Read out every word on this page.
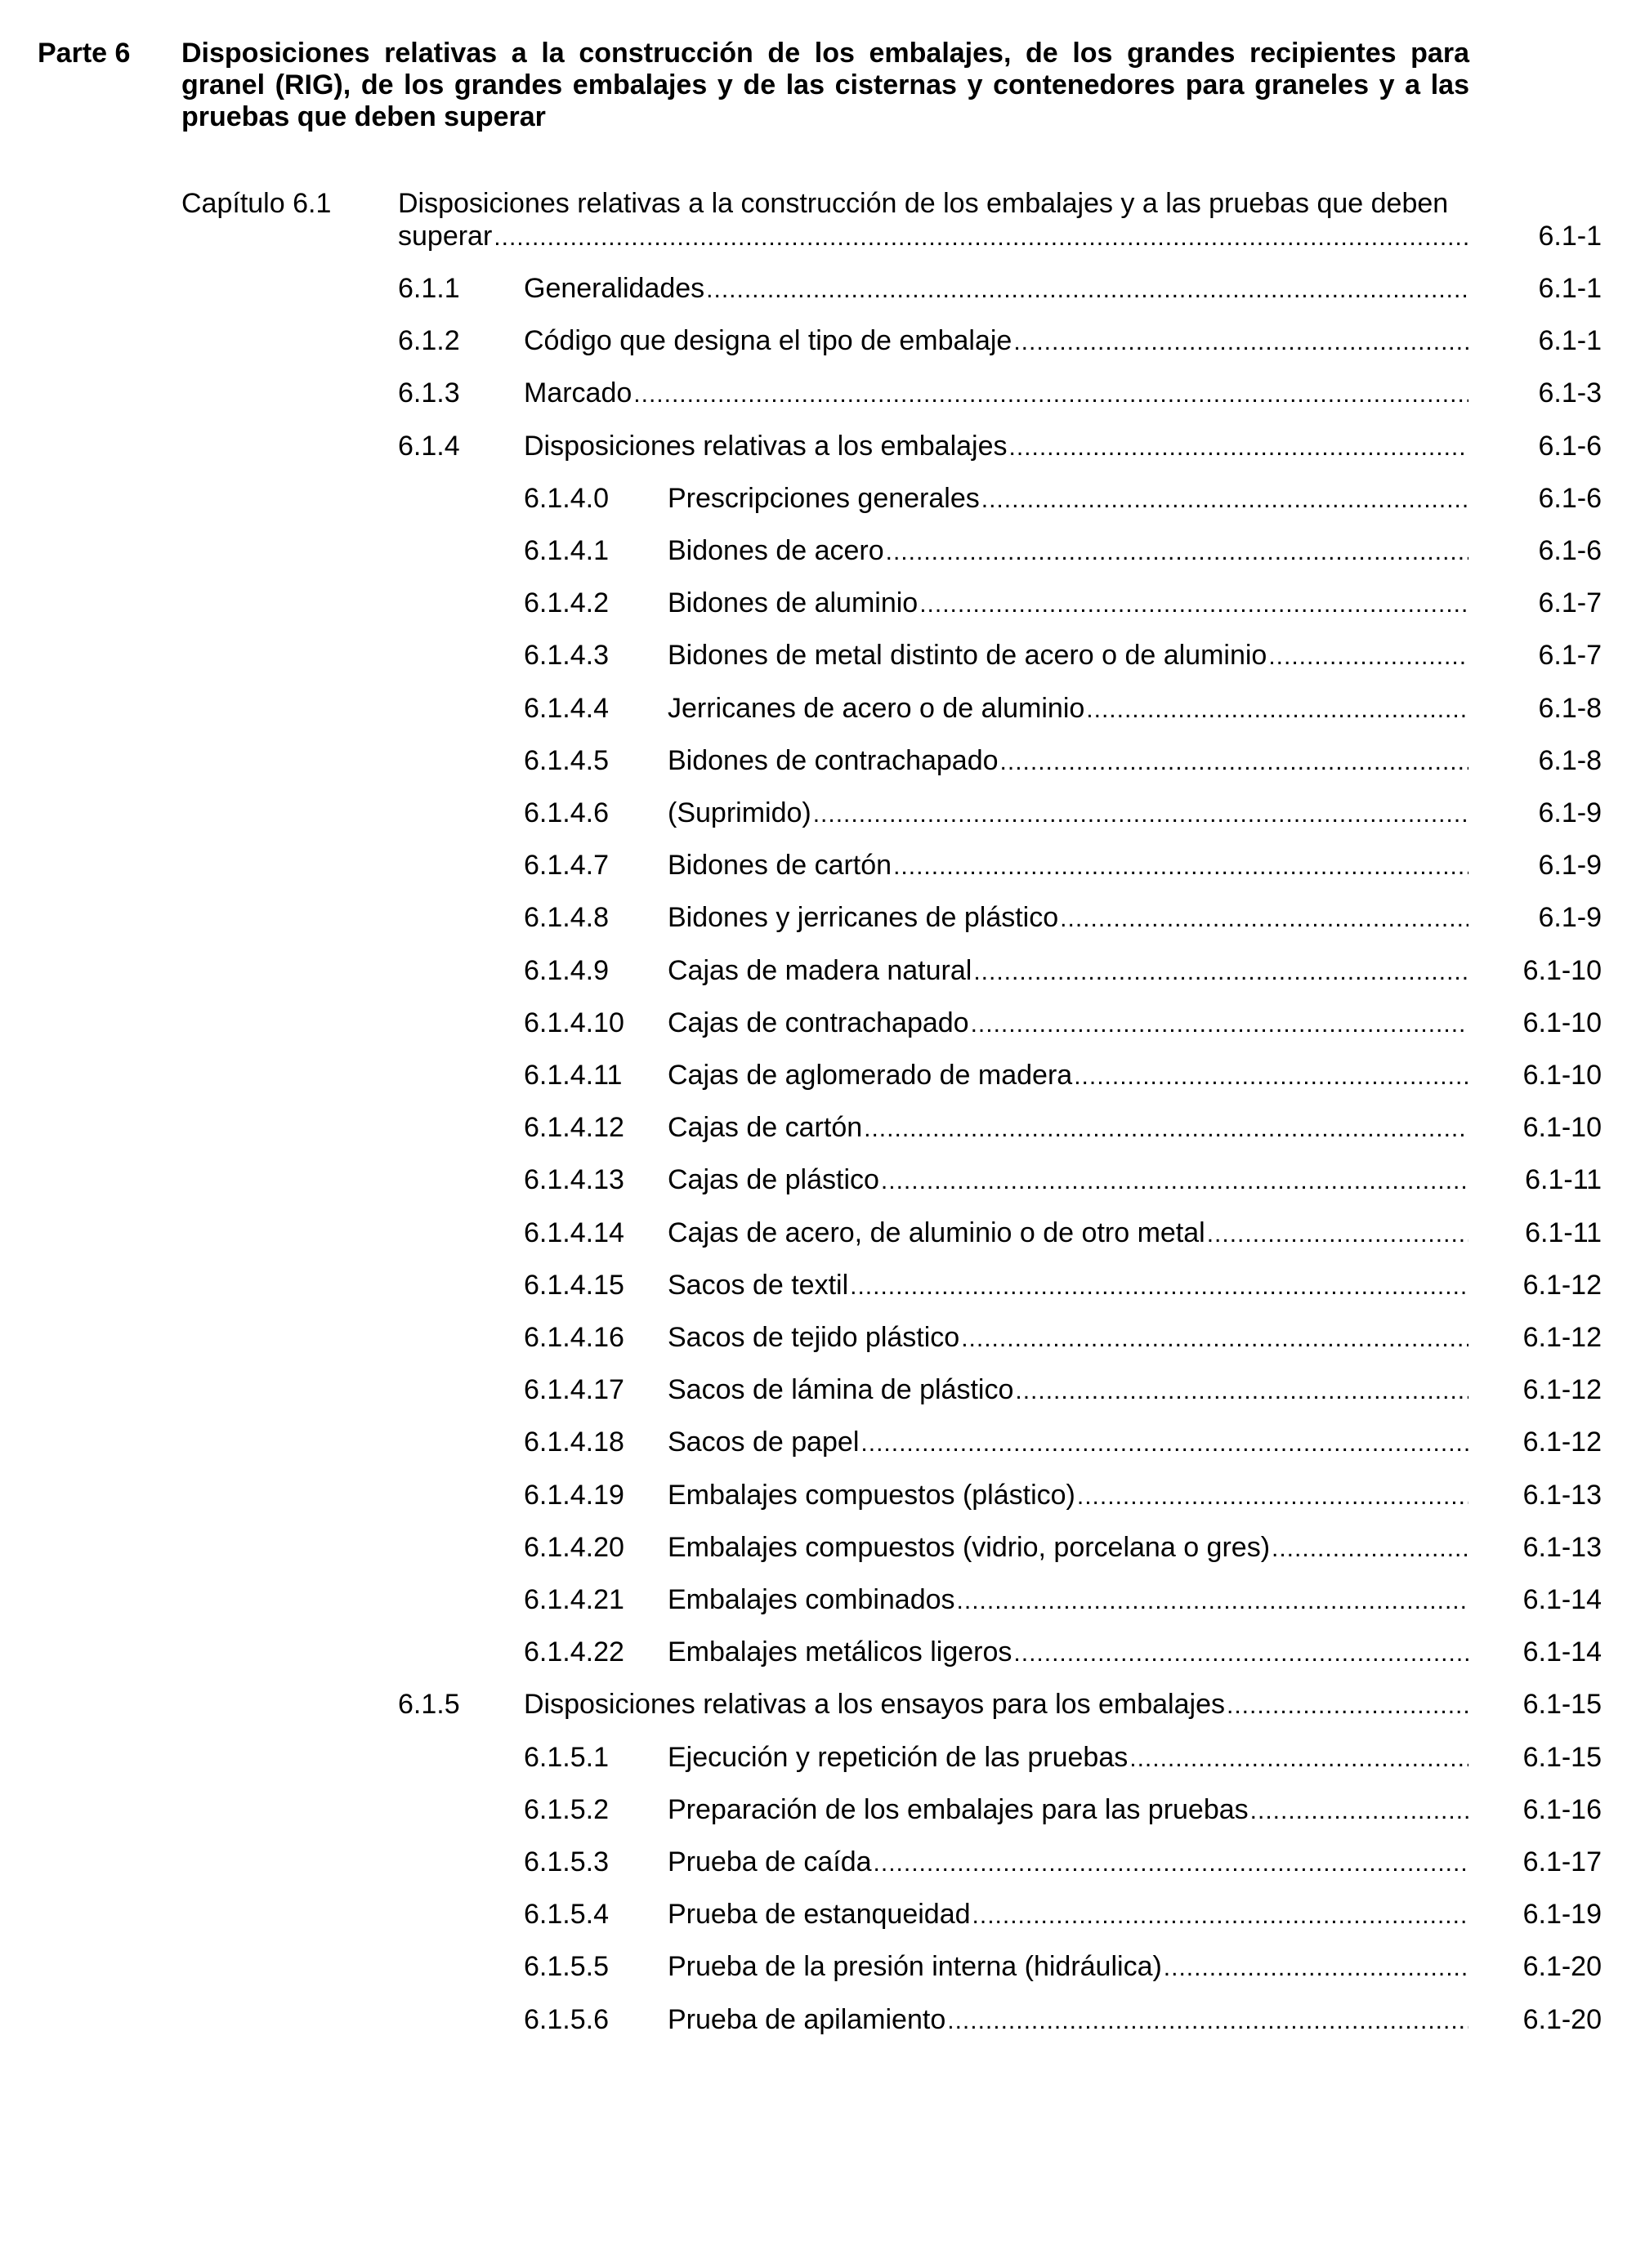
Parte 6 Disposiciones relativas a la construcción de los embalajes, de los grandes recipientes para granel (RIG), de los grandes embalajes y de las cisternas y contenedores para graneles y a las pruebas que deben superar
Capítulo 6.1 Disposiciones relativas a la construcción de los embalajes y a las pruebas que deben
superar .....	6.1-1
6.1.1 Generalidades .....	6.1-1
6.1.2 Código que designa el tipo de embalaje .....	6.1-1
6.1.3 Marcado .....	6.1-3
6.1.4 Disposiciones relativas a los embalajes .....	6.1-6
6.1.4.0 Prescripciones generales .....	6.1-6
6.1.4.1 Bidones de acero .....	6.1-6
6.1.4.2 Bidones de aluminio .....	6.1-7
6.1.4.3 Bidones de metal distinto de acero o de aluminio .....	6.1-7
6.1.4.4 Jerricanes de acero o de aluminio .....	6.1-8
6.1.4.5 Bidones de contrachapado .....	6.1-8
6.1.4.6 (Suprimido) .....	6.1-9
6.1.4.7 Bidones de cartón .....	6.1-9
6.1.4.8 Bidones y jerricanes de plástico .....	6.1-9
6.1.4.9 Cajas de madera natural .....	6.1-10
6.1.4.10 Cajas de contrachapado .....	6.1-10
6.1.4.11 Cajas de aglomerado de madera .....	6.1-10
6.1.4.12 Cajas de cartón .....	6.1-10
6.1.4.13 Cajas de plástico .....	6.1-11
6.1.4.14 Cajas de acero, de aluminio o de otro metal .....	6.1-11
6.1.4.15 Sacos de textil .....	6.1-12
6.1.4.16 Sacos de tejido plástico .....	6.1-12
6.1.4.17 Sacos de lámina de plástico .....	6.1-12
6.1.4.18 Sacos de papel .....	6.1-12
6.1.4.19 Embalajes compuestos (plástico) .....	6.1-13
6.1.4.20 Embalajes compuestos (vidrio, porcelana o gres) .....	6.1-13
6.1.4.21 Embalajes combinados .....	6.1-14
6.1.4.22 Embalajes metálicos ligeros .....	6.1-14
6.1.5 Disposiciones relativas a los ensayos para los embalajes .....	6.1-15
6.1.5.1 Ejecución y repetición de las pruebas .....	6.1-15
6.1.5.2 Preparación de los embalajes para las pruebas .....	6.1-16
6.1.5.3 Prueba de caída .....	6.1-17
6.1.5.4 Prueba de estanqueidad .....	6.1-19
6.1.5.5 Prueba de la presión interna (hidráulica) .....	6.1-20
6.1.5.6 Prueba de apilamiento .....	6.1-20
